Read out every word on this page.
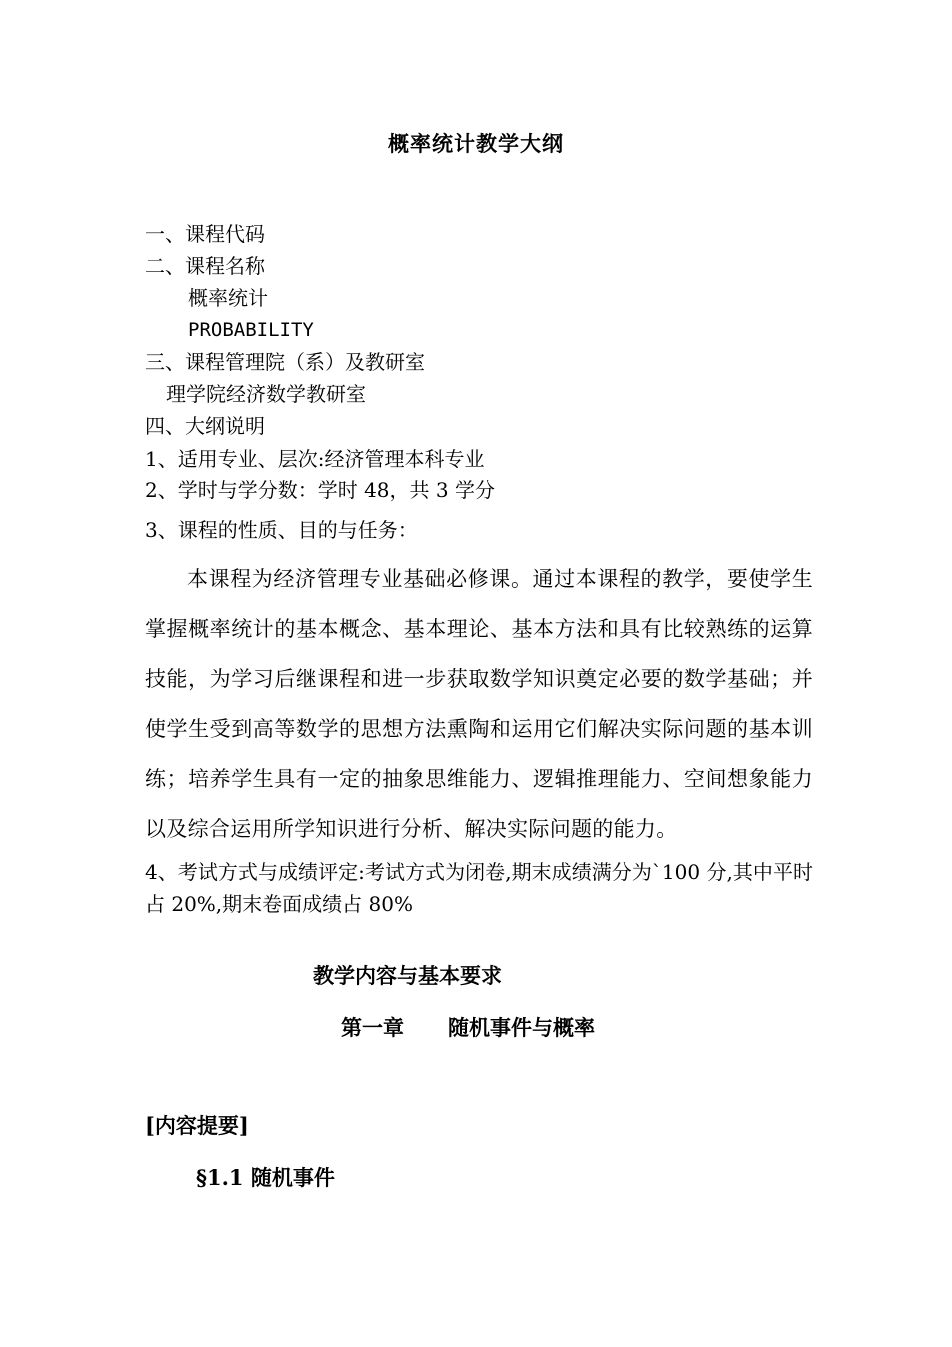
概率统计教学大纲
一、课程代码
二、课程名称
概率统计
PROBABILITY
三、课程管理院（系）及教研室
理学院经济数学教研室
四、大纲说明
1、适用专业、层次:经济管理本科专业
2、学时与学分数：学时 48，共 3 学分
3、课程的性质、目的与任务：
本课程为经济管理专业基础必修课。通过本课程的教学，要使学生掌握概率统计的基本概念、基本理论、基本方法和具有比较熟练的运算技能，为学习后继课程和进一步获取数学知识奠定必要的数学基础；并使学生受到高等数学的思想方法熏陶和运用它们解决实际问题的基本训练；培养学生具有一定的抽象思维能力、逻辑推理能力、空间想象能力以及综合运用所学知识进行分析、解决实际问题的能力。
4、考试方式与成绩评定:考试方式为闭卷,期末成绩满分为`100 分,其中平时占 20%,期末卷面成绩占 80%
教学内容与基本要求
第一章 随机事件与概率
[内容提要]
§1.1 随机事件
